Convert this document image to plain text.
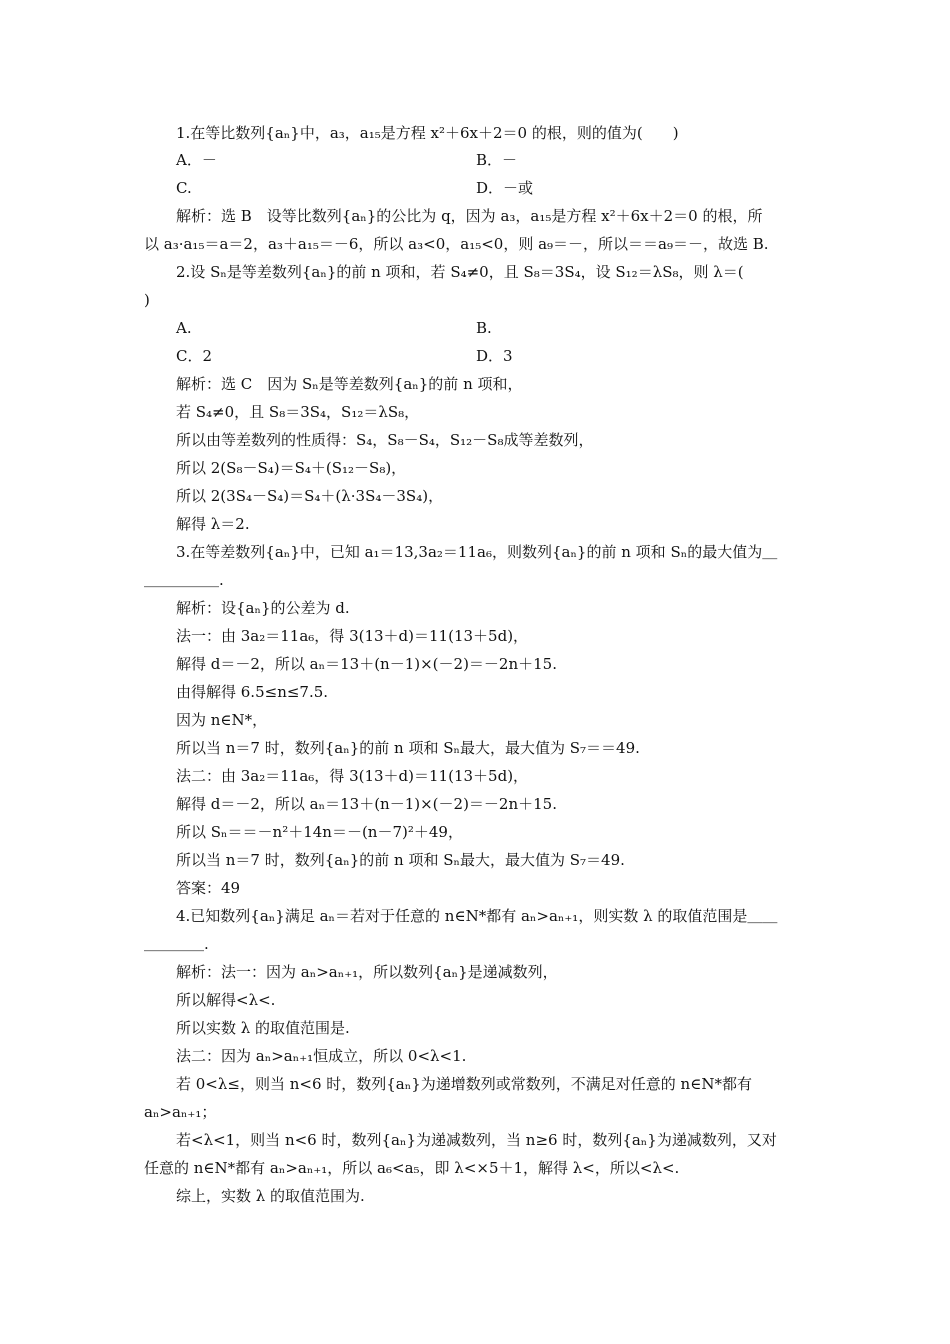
1.在等比数列{aₙ}中，a₃，a₁₅是方程 x²＋6x＋2＝0 的根，则的值为(　　)
A．－	B．－
C.	D．－或
解析：选 B　设等比数列{aₙ}的公比为 q，因为 a₃，a₁₅是方程 x²＋6x＋2＝0 的根，所
以 a₃·a₁₅＝a＝2，a₃＋a₁₅＝－6，所以 a₃<0，a₁₅<0，则 a₉＝－，所以＝＝a₉＝－，故选 B.
2.设 Sₙ是等差数列{aₙ}的前 n 项和，若 S₄≠0，且 S₈＝3S₄，设 S₁₂＝λS₈，则 λ＝(
)
A.	B.
C．2	D．3
解析：选 C　因为 Sₙ是等差数列{aₙ}的前 n 项和，
若 S₄≠0，且 S₈＝3S₄，S₁₂＝λS₈，
所以由等差数列的性质得：S₄，S₈－S₄，S₁₂－S₈成等差数列，
所以 2(S₈－S₄)＝S₄＋(S₁₂－S₈)，
所以 2(3S₄－S₄)＝S₄＋(λ·3S₄－3S₄)，
解得 λ＝2.
3.在等差数列{aₙ}中，已知 a₁＝13,3a₂＝11a₆，则数列{aₙ}的前 n 项和 Sₙ的最大值为＿
＿＿＿＿＿.
解析：设{aₙ}的公差为 d.
法一：由 3a₂＝11a₆，得 3(13＋d)＝11(13＋5d)，
解得 d＝－2，所以 aₙ＝13＋(n－1)×(－2)＝－2n＋15.
由得解得 6.5≤n≤7.5.
因为 n∈N*，
所以当 n＝7 时，数列{aₙ}的前 n 项和 Sₙ最大，最大值为 S₇＝＝49.
法二：由 3a₂＝11a₆，得 3(13＋d)＝11(13＋5d)，
解得 d＝－2，所以 aₙ＝13＋(n－1)×(－2)＝－2n＋15.
所以 Sₙ＝＝－n²＋14n＝－(n－7)²＋49，
所以当 n＝7 时，数列{aₙ}的前 n 项和 Sₙ最大，最大值为 S₇＝49.
答案：49
4.已知数列{aₙ}满足 aₙ＝若对于任意的 n∈N*都有 aₙ>aₙ₊₁，则实数 λ 的取值范围是＿＿
＿＿＿＿.
解析：法一：因为 aₙ>aₙ₊₁，所以数列{aₙ}是递减数列，
所以解得<λ<.
所以实数 λ 的取值范围是.
法二：因为 aₙ>aₙ₊₁恒成立，所以 0<λ<1.
若 0<λ≤，则当 n<6 时，数列{aₙ}为递增数列或常数列，不满足对任意的 n∈N*都有
aₙ>aₙ₊₁；
若<λ<1，则当 n<6 时，数列{aₙ}为递减数列，当 n≥6 时，数列{aₙ}为递减数列，又对
任意的 n∈N*都有 aₙ>aₙ₊₁，所以 a₆<a₅，即 λ<×5＋1，解得 λ<，所以<λ<.
综上，实数 λ 的取值范围为.
